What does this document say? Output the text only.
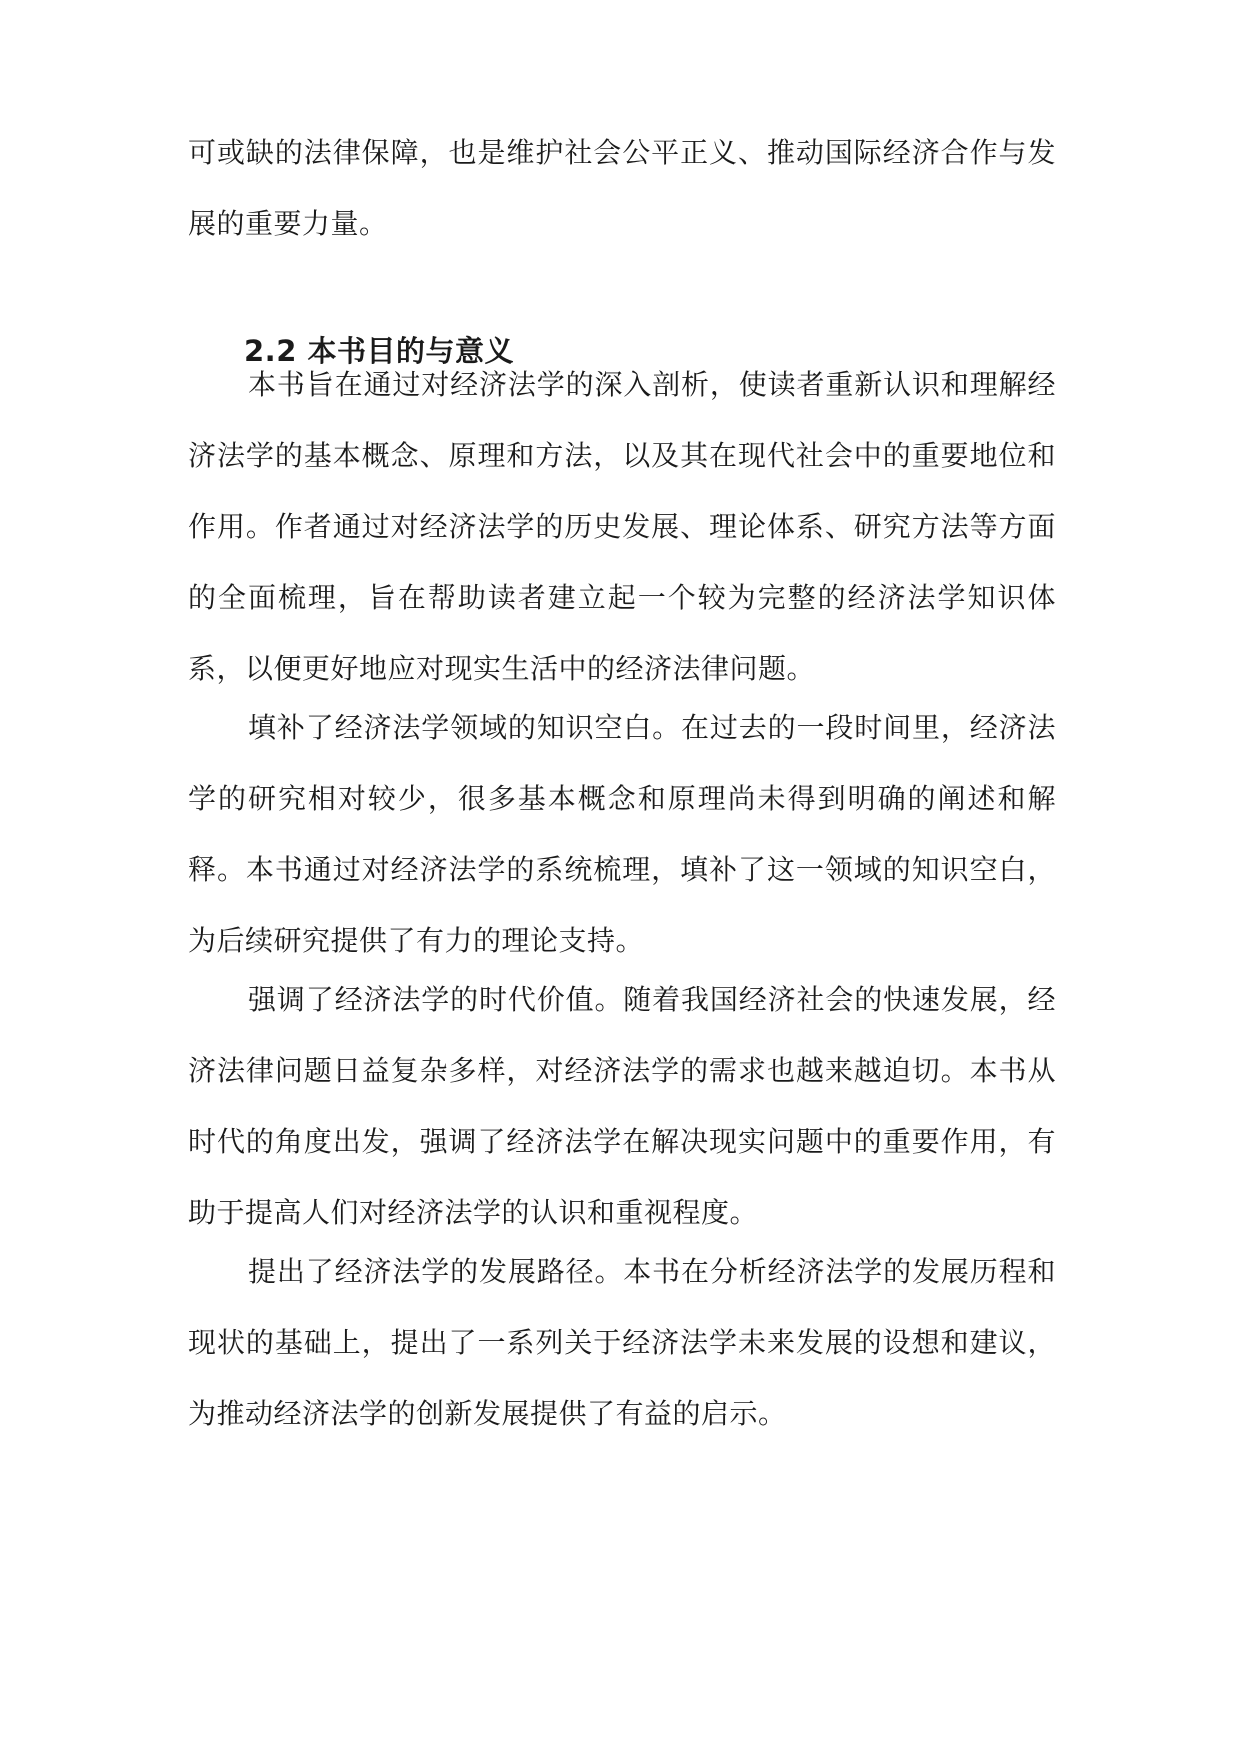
可或缺的法律保障，也是维护社会公平正义、推动国际经济合作与发展的重要力量。

2.2 本书目的与意义

本书旨在通过对经济法学的深入剖析，使读者重新认识和理解经济法学的基本概念、原理和方法，以及其在现代社会中的重要地位和作用。作者通过对经济法学的历史发展、理论体系、研究方法等方面的全面梳理，旨在帮助读者建立起一个较为完整的经济法学知识体系，以便更好地应对现实生活中的经济法律问题。

填补了经济法学领域的知识空白。在过去的一段时间里，经济法学的研究相对较少，很多基本概念和原理尚未得到明确的阐述和解释。本书通过对经济法学的系统梳理，填补了这一领域的知识空白，为后续研究提供了有力的理论支持。

强调了经济法学的时代价值。随着我国经济社会的快速发展，经济法律问题日益复杂多样，对经济法学的需求也越来越迫切。本书从时代的角度出发，强调了经济法学在解决现实问题中的重要作用，有助于提高人们对经济法学的认识和重视程度。

提出了经济法学的发展路径。本书在分析经济法学的发展历程和现状的基础上，提出了一系列关于经济法学未来发展的设想和建议，为推动经济法学的创新发展提供了有益的启示。
